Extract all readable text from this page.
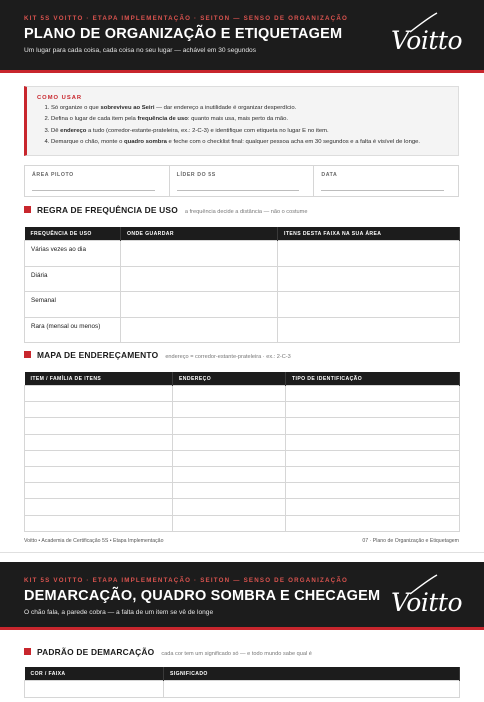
KIT 5S VOITTO · ETAPA IMPLEMENTAÇÃO · SEITON — SENSO DE ORGANIZAÇÃO
PLANO DE ORGANIZAÇÃO E ETIQUETAGEM
Um lugar para cada coisa, cada coisa no seu lugar — achável em 30 segundos	Voitto
COMO USAR
1. Só organize o que sobreviveu ao Seiri — dar endereço a inutilidade é organizar desperdício.
2. Defina o lugar de cada item pela frequência de uso: quanto mais usa, mais perto da mão.
3. Dê endereço a tudo (corredor-estante-prateleira, ex.: 2-C-3) e identifique com etiqueta no lugar E no item.
4. Demarque o chão, monte o quadro sombra e feche com o checklist final: qualquer pessoa acha em 30 segundos e a falta é visível de longe.
ÁREA PILOTO	LÍDER DO 5S	DATA
REGRA DE FREQUÊNCIA DE USO a frequência decide a distância — não o costume
FREQUÊNCIA DE USO	ONDE GUARDAR	ITENS DESTA FAIXA NA SUA ÁREA
Várias vezes ao dia		
Diária		
Semanal		
Rara (mensal ou menos)		
MAPA DE ENDEREÇAMENTO endereço = corredor-estante-prateleira · ex.: 2-C-3
ITEM / FAMÍLIA DE ITENS	ENDEREÇO	TIPO DE IDENTIFICAÇÃO

Voitto • Academia de Certificação 5S • Etapa Implementação	07 · Plano de Organização e Etiquetagem
KIT 5S VOITTO · ETAPA IMPLEMENTAÇÃO · SEITON — SENSO DE ORGANIZAÇÃO
DEMARCAÇÃO, QUADRO SOMBRA E CHECAGEM
O chão fala, a parede cobra — a falta de um item se vê de longe	Voitto
PADRÃO DE DEMARCAÇÃO cada cor tem um significado só — e todo mundo sabe qual é
COR / FAIXA	SIGNIFICADO
